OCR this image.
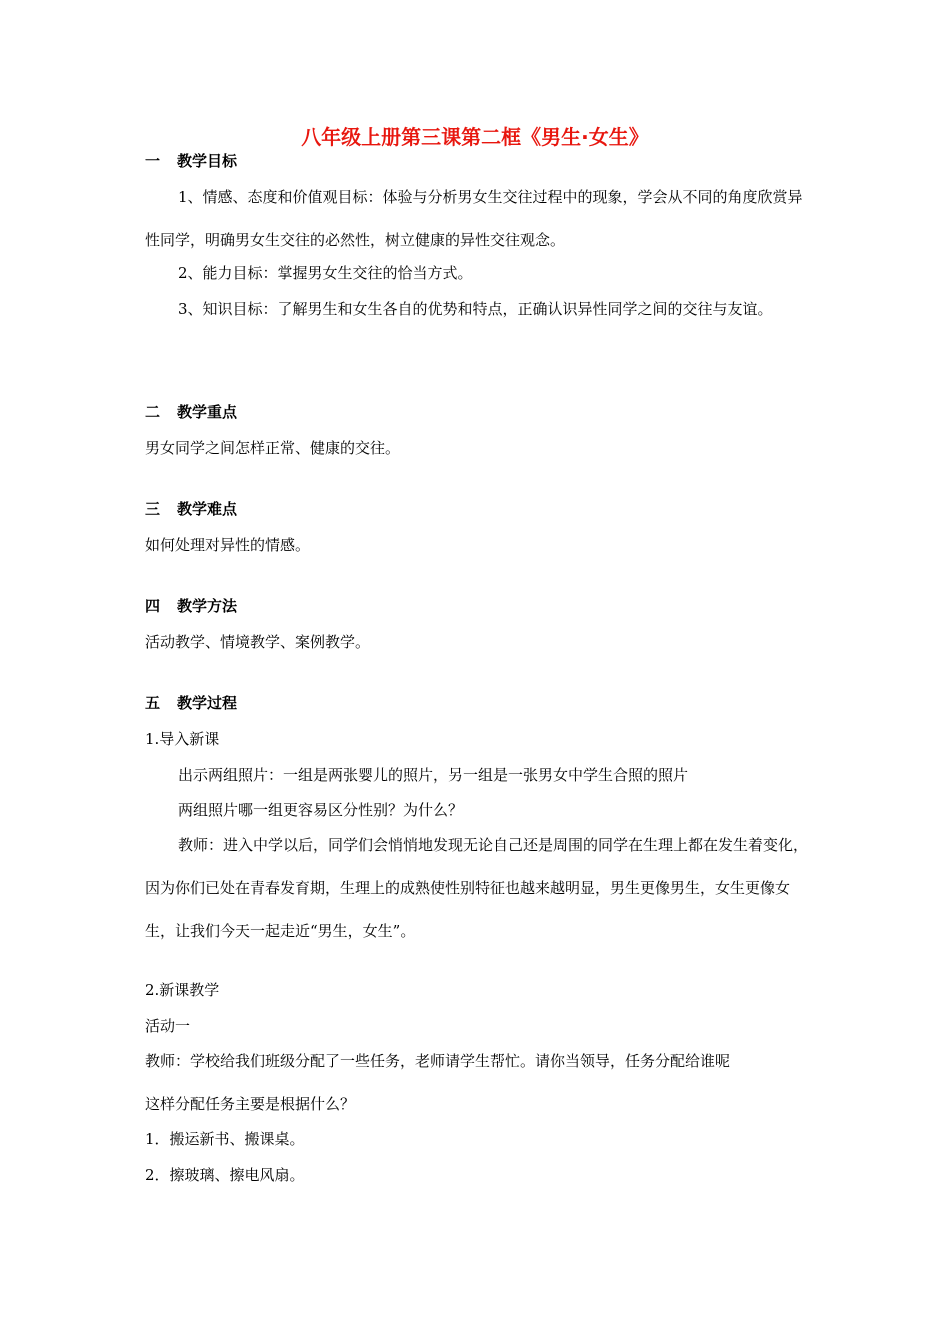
八年级上册第三课第二框《男生·女生》
一 教学目标

1、情感、态度和价值观目标：体验与分析男女生交往过程中的现象，学会从不同的角度欣赏异性同学，明确男女生交往的必然性，树立健康的异性交往观念。

2、能力目标：掌握男女生交往的恰当方式。

3、知识目标：了解男生和女生各自的优势和特点，正确认识异性同学之间的交往与友谊。

二 教学重点

男女同学之间怎样正常、健康的交往。

三 教学难点

如何处理对异性的情感。

四 教学方法

活动教学、情境教学、案例教学。

五 教学过程

1.导入新课

出示两组照片：一组是两张婴儿的照片，另一组是一张男女中学生合照的照片

两组照片哪一组更容易区分性别？为什么？

教师：进入中学以后，同学们会悄悄地发现无论自己还是周围的同学在生理上都在发生着变化，因为你们已处在青春发育期，生理上的成熟使性别特征也越来越明显，男生更像男生，女生更像女生，让我们今天一起走近“男生，女生”。

2.新课教学

活动一

教师：学校给我们班级分配了一些任务，老师请学生帮忙。请你当领导，任务分配给谁呢

这样分配任务主要是根据什么？

1．搬运新书、搬课桌。

2．擦玻璃、擦电风扇。
